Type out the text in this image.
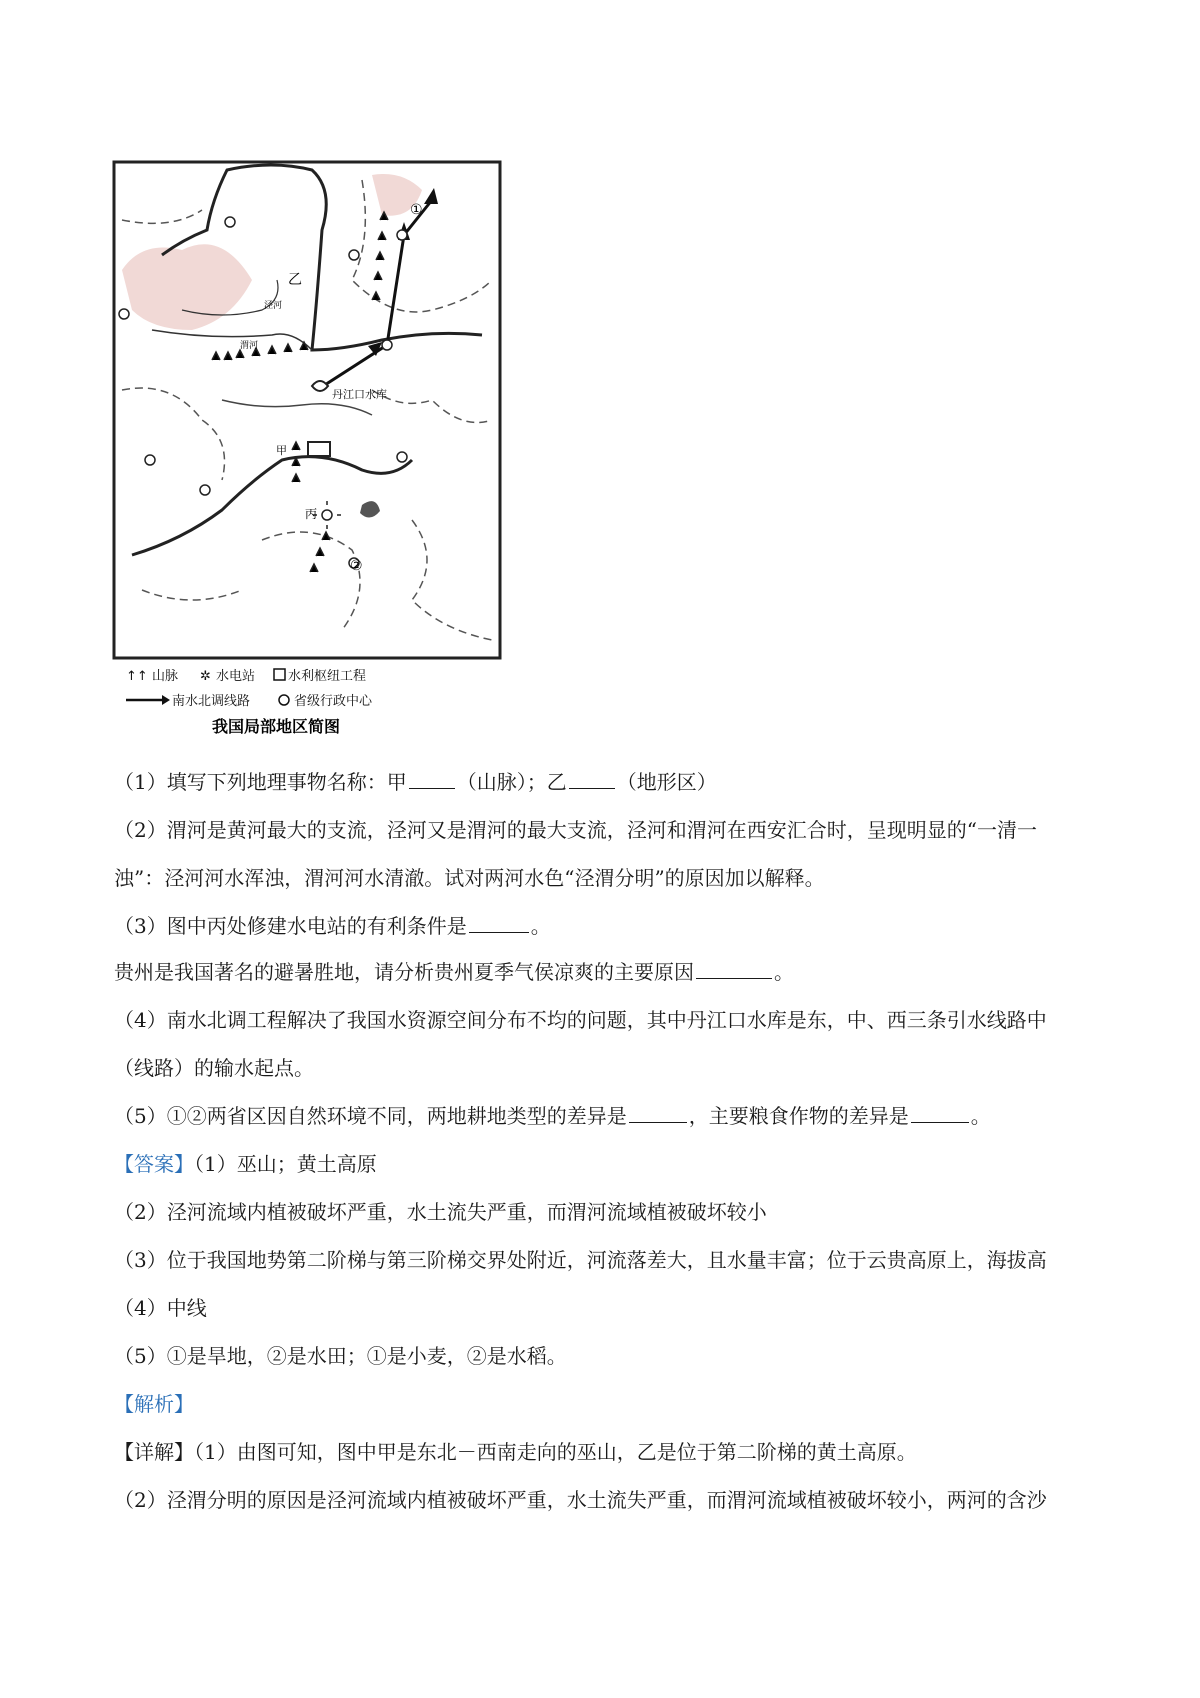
乙
泾河
渭河
丹江口水库
甲
丙
①
②
↑↑ 山脉 ✲ 水电站	水利枢纽工程
南水北调线路	省级行政中心
我国局部地区简图
（1）填写下列地理事物名称：甲	（山脉）；乙	（地形区）
（2）渭河是黄河最大的支流，泾河又是渭河的最大支流，泾河和渭河在西安汇合时，呈现明显的“一清一
浊”：泾河河水浑浊，渭河河水清澈。试对两河水色“泾渭分明”的原因加以解释。
（3）图中丙处修建水电站的有利条件是	。
贵州是我国著名的避暑胜地，请分析贵州夏季气侯凉爽的主要原因	。
（4）南水北调工程解决了我国水资源空间分布不均的问题，其中丹江口水库是东，中、西三条引水线路中
（线路）的输水起点。
（5）①②两省区因自然环境不同，两地耕地类型的差异是	，主要粮食作物的差异是	。
【答案】（1）巫山；黄土高原
（2）泾河流域内植被破坏严重，水土流失严重，而渭河流域植被破坏较小
（3）位于我国地势第二阶梯与第三阶梯交界处附近，河流落差大，且水量丰富；位于云贵高原上，海拔高
（4）中线
（5）①是旱地，②是水田；①是小麦，②是水稻。
【解析】
【详解】（1）由图可知，图中甲是东北－西南走向的巫山，乙是位于第二阶梯的黄土高原。
（2）泾渭分明的原因是泾河流域内植被破坏严重，水土流失严重，而渭河流域植被破坏较小，两河的含沙
